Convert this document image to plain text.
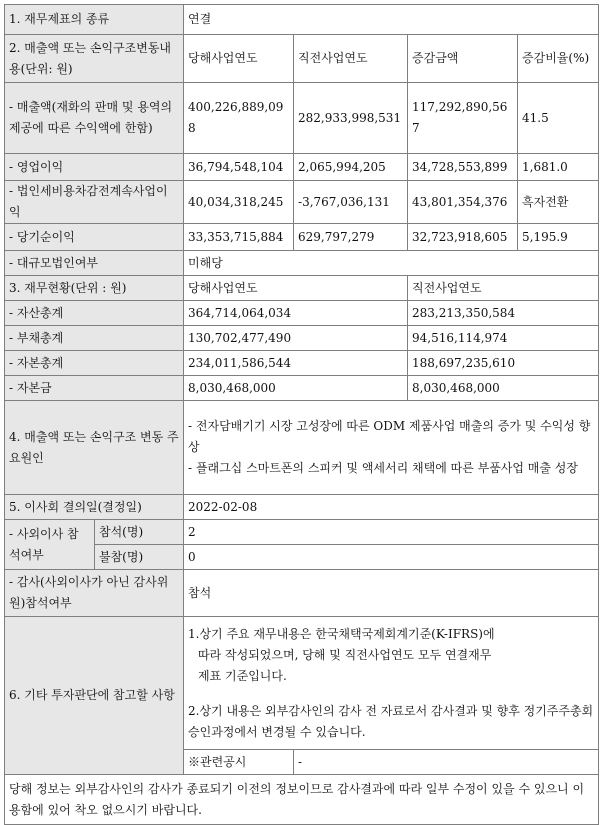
1. 재무제표의 종류		연결			
2. 매출액 또는 손익구조변동내용(단위: 원)		당해사업연도	직전사업연도	증감금액	증감비율(%)
- 매출액(재화의 판매 및 용역의 제공에 따른 수익액에 한함)		400,226,889,098	282,933,998,531	117,292,890,567	41.5
- 영업이익		36,794,548,104	2,065,994,205	34,728,553,899	1,681.0
- 법인세비용차감전계속사업이익		40,034,318,245	-3,767,036,131	43,801,354,376	흑자전환
- 당기순이익		33,353,715,884	629,797,279	32,723,918,605	5,195.9
- 대규모법인여부		미해당			
3. 재무현황(단위 : 원)		당해사업연도		직전사업연도	
- 자산총계		364,714,064,034		283,213,350,584	
- 부채총계		130,702,477,490		94,516,114,974	
- 자본총계		234,011,586,544		188,697,235,610	
- 자본금		8,030,468,000		8,030,468,000	
4. 매출액 또는 손익구조 변동 주요원인		- 전자담배기기 시장 고성장에 따른 ODM 제품사업 매출의 증가 및 수익성 향상
- 플래그십 스마트폰의 스피커 및 액세서리 채택에 따른 부품사업 매출 성장			

5. 이사회 결의일(결정일)		2022-02-08			
- 사외이사 참석여부	참석(명)	2			
	불참(명)	0			
- 감사(사외이사가 아닌 감사위원)참석여부		참석			
6. 기타 투자판단에 참고할 사항		1.상기 주요 재무내용은 한국채택국제회계기준(K-IFRS)에
따라 작성되었으며, 당해 및 직전사업연도 모두 연결재무
제표 기준입니다.
2.상기 내용은 외부감사인의 감사 전 자료로서 감사결과 및 향후 정기주주총회 승인과정에서 변경될 수 있습니다.			

		※관련공시	-		
당해 정보는 외부감사인의 감사가 종료되기 이전의 정보이므로 감사결과에 따라 일부 수정이 있을 수 있으니 이용함에 있어 착오 없으시기 바랍니다.					
